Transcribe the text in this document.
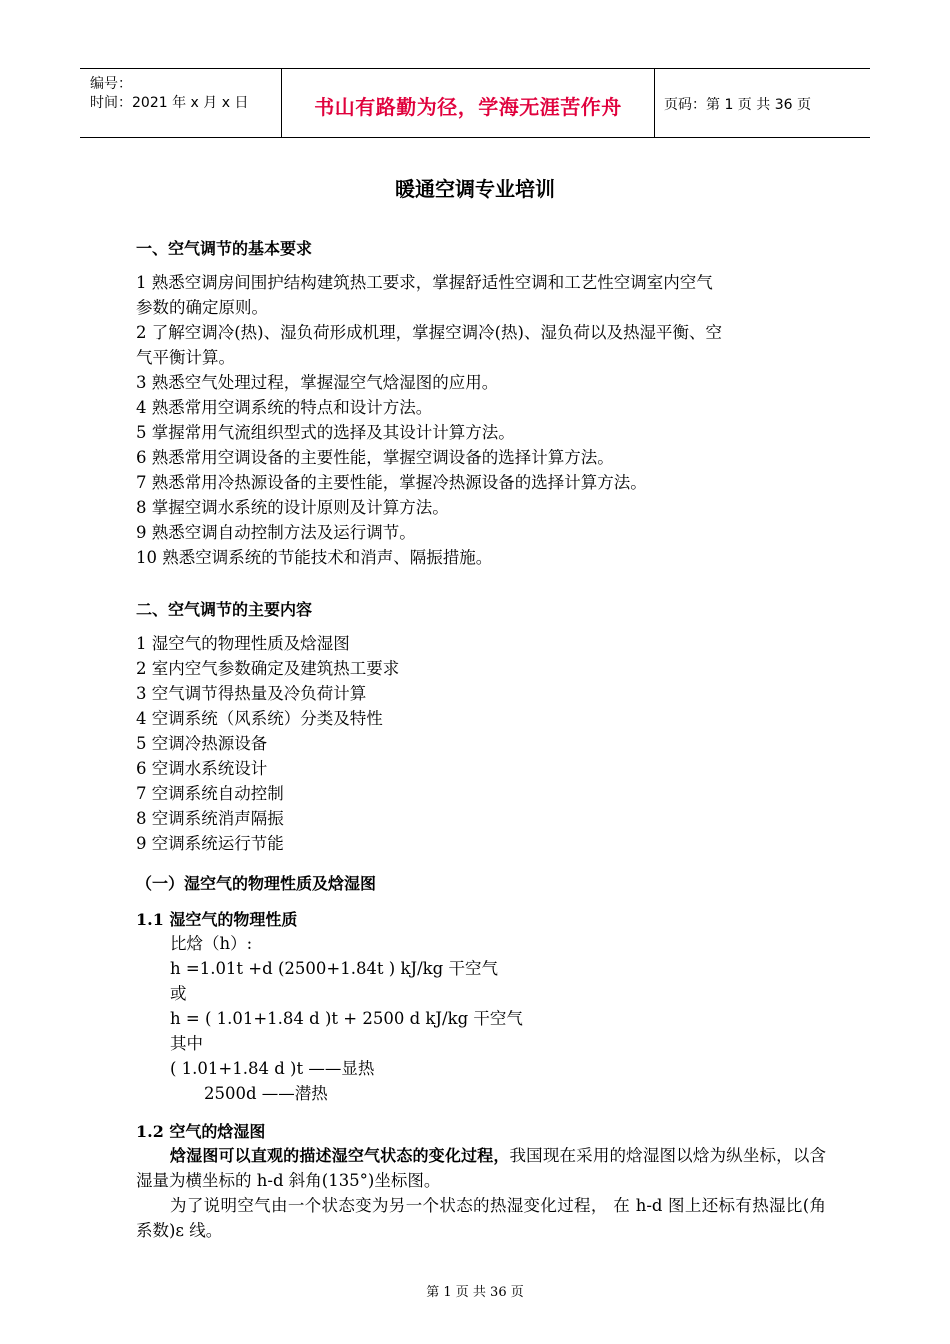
编号：
时间：2021 年 x 月 x 日	书山有路勤为径，学海无涯苦作舟	页码：第 1 页 共 36 页
暖通空调专业培训
一、空气调节的基本要求
1 熟悉空调房间围护结构建筑热工要求，掌握舒适性空调和工艺性空调室内空气
参数的确定原则。
2 了解空调冷(热)、湿负荷形成机理，掌握空调冷(热)、湿负荷以及热湿平衡、空
气平衡计算。
3 熟悉空气处理过程，掌握湿空气焓湿图的应用。
4 熟悉常用空调系统的特点和设计方法。
5 掌握常用气流组织型式的选择及其设计计算方法。
6 熟悉常用空调设备的主要性能，掌握空调设备的选择计算方法。
7 熟悉常用冷热源设备的主要性能，掌握冷热源设备的选择计算方法。
8 掌握空调水系统的设计原则及计算方法。
9 熟悉空调自动控制方法及运行调节。
10 熟悉空调系统的节能技术和消声、隔振措施。
二、空气调节的主要内容
1 湿空气的物理性质及焓湿图
2 室内空气参数确定及建筑热工要求
3 空气调节得热量及冷负荷计算
4 空调系统（风系统）分类及特性
5 空调冷热源设备
6 空调水系统设计
7 空调系统自动控制
8 空调系统消声隔振
9 空调系统运行节能
（一）湿空气的物理性质及焓湿图
1.1 湿空气的物理性质
比焓（h）:
h =1.01t +d (2500+1.84t ) kJ/kg 干空气
或
h = ( 1.01+1.84 d )t + 2500 d kJ/kg 干空气
其中
( 1.01+1.84 d )t ——显热
2500d ——潜热
1.2 空气的焓湿图
焓湿图可以直观的描述湿空气状态的变化过程，我国现在采用的焓湿图以焓为纵坐标，以含湿量为横坐标的 h-d 斜角(135°)坐标图。
为了说明空气由一个状态变为另一个状态的热湿变化过程， 在 h-d 图上还标有热湿比(角系数)ε 线。
第 1 页 共 36 页
